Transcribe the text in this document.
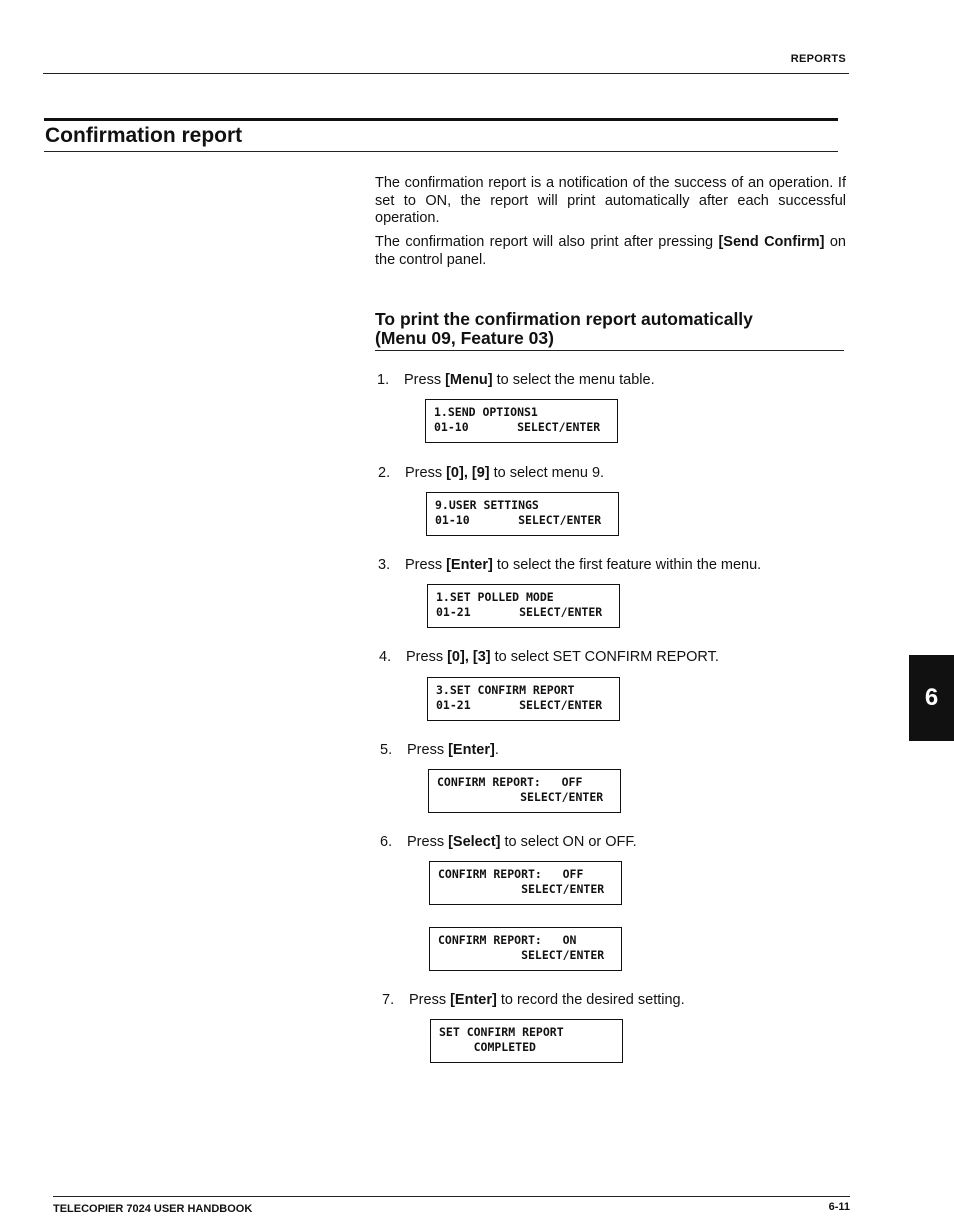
REPORTS
Confirmation report
The confirmation report is a notification of the success of an operation. If set to ON, the report will print automatically after each successful operation.
The confirmation report will also print after pressing [Send Confirm] on the control panel.
To print the confirmation report automatically
(Menu 09, Feature 03)
1. Press [Menu] to select the menu table.
1.SEND OPTIONS1
01-10       SELECT/ENTER
2. Press [0], [9] to select menu 9.
9.USER SETTINGS
01-10       SELECT/ENTER
3. Press [Enter] to select the first feature within the menu.
1.SET POLLED MODE
01-21       SELECT/ENTER
4. Press [0], [3] to select SET CONFIRM REPORT.
3.SET CONFIRM REPORT
01-21       SELECT/ENTER
5. Press [Enter].
CONFIRM REPORT:   OFF
SELECT/ENTER
6. Press [Select] to select ON or OFF.
CONFIRM REPORT:   OFF
SELECT/ENTER
CONFIRM REPORT:   ON
SELECT/ENTER
7. Press [Enter] to record the desired setting.
SET CONFIRM REPORT
COMPLETED
6
TELECOPIER 7024 USER HANDBOOK	6-11
